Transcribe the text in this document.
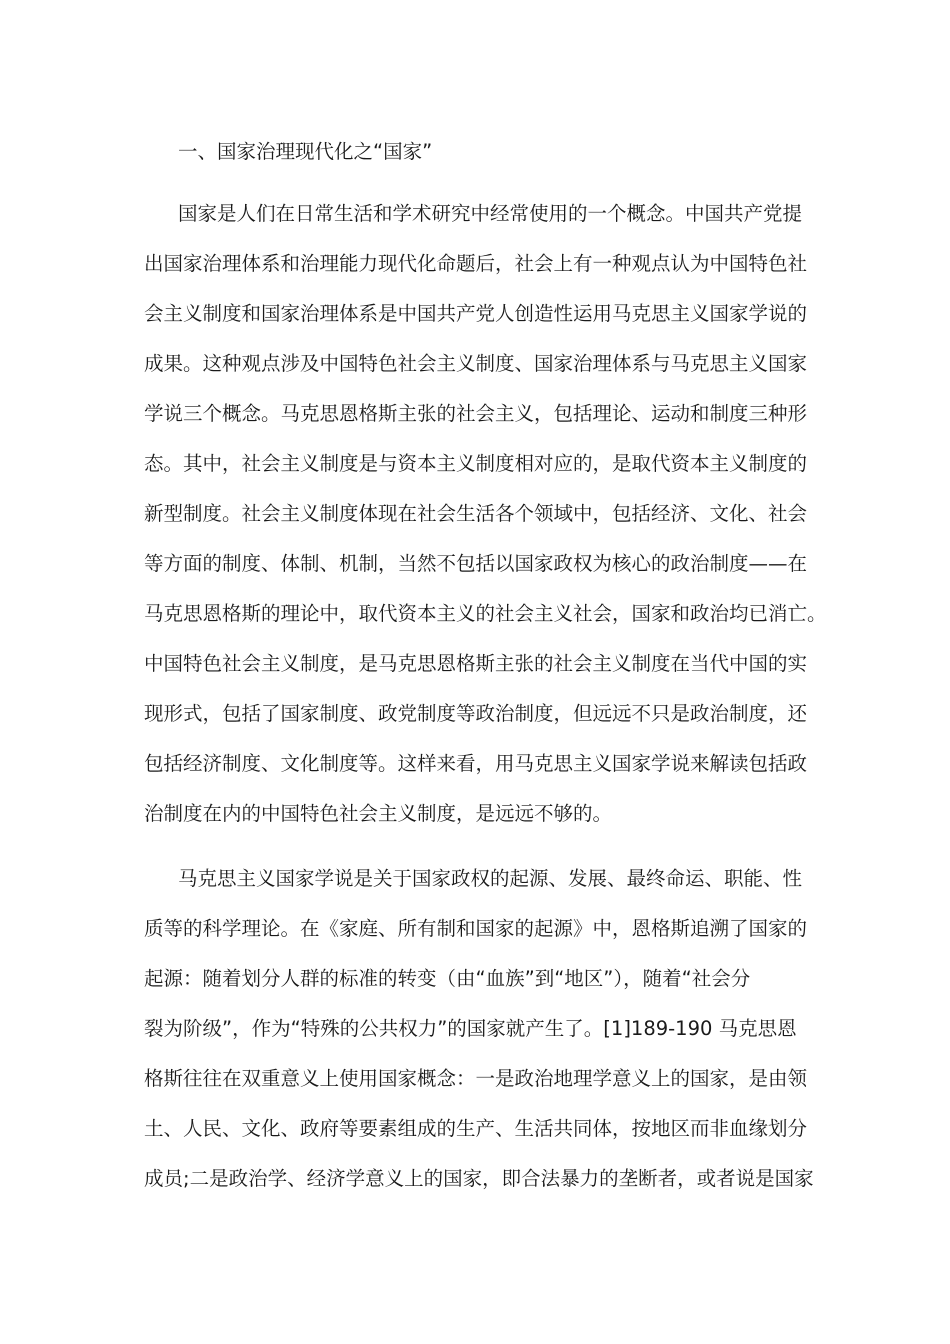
一、国家治理现代化之“国家”
国家是人们在日常生活和学术研究中经常使用的一个概念。中国共产党提
出国家治理体系和治理能力现代化命题后，社会上有一种观点认为中国特色社
会主义制度和国家治理体系是中国共产党人创造性运用马克思主义国家学说的
成果。这种观点涉及中国特色社会主义制度、国家治理体系与马克思主义国家
学说三个概念。马克思恩格斯主张的社会主义，包括理论、运动和制度三种形
态。其中，社会主义制度是与资本主义制度相对应的，是取代资本主义制度的
新型制度。社会主义制度体现在社会生活各个领域中，包括经济、文化、社会
等方面的制度、体制、机制，当然不包括以国家政权为核心的政治制度——在
马克思恩格斯的理论中，取代资本主义的社会主义社会，国家和政治均已消亡。
中国特色社会主义制度，是马克思恩格斯主张的社会主义制度在当代中国的实
现形式，包括了国家制度、政党制度等政治制度，但远远不只是政治制度，还
包括经济制度、文化制度等。这样来看，用马克思主义国家学说来解读包括政
治制度在内的中国特色社会主义制度，是远远不够的。
马克思主义国家学说是关于国家政权的起源、发展、最终命运、职能、性
质等的科学理论。在《家庭、所有制和国家的起源》中，恩格斯追溯了国家的
起源：随着划分人群的标准的转变（由“血族”到“地区”），随着“社会分
裂为阶级”，作为“特殊的公共权力”的国家就产生了。[1]189-190 马克思恩
格斯往往在双重意义上使用国家概念：一是政治地理学意义上的国家，是由领
土、人民、文化、政府等要素组成的生产、生活共同体，按地区而非血缘划分
成员;二是政治学、经济学意义上的国家，即合法暴力的垄断者，或者说是国家
